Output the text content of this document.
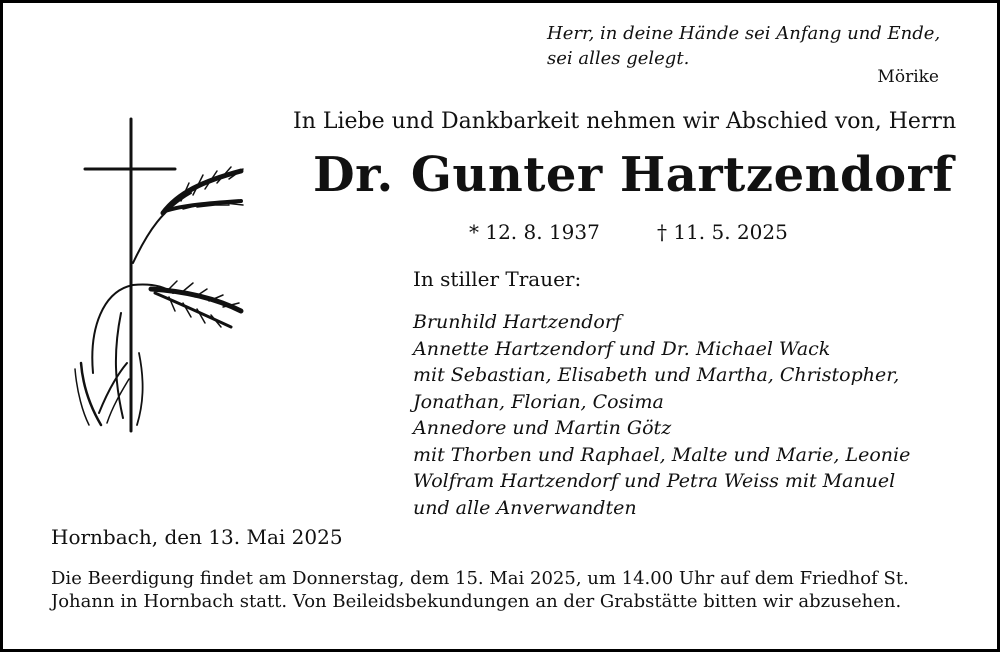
Herr, in deine Hände sei Anfang und Ende,
sei alles gelegt.
Mörike
In Liebe und Dankbarkeit nehmen wir Abschied von, Herrn
Dr. Gunter Hartzendorf
* 12. 8. 1937	† 11. 5. 2025
In stiller Trauer:
Brunhild Hartzendorf
Annette Hartzendorf und Dr. Michael Wack
mit Sebastian, Elisabeth und Martha, Christopher,
Jonathan, Florian, Cosima
Annedore und Martin Götz
mit Thorben und Raphael, Malte und Marie, Leonie
Wolfram Hartzendorf und Petra Weiss mit Manuel
und alle Anverwandten
Hornbach, den 13. Mai 2025
Die Beerdigung findet am Donnerstag, dem 15. Mai 2025, um 14.00 Uhr auf dem Friedhof St. Johann in Hornbach statt. Von Beileidsbekundungen an der Grabstätte bitten wir abzusehen.
